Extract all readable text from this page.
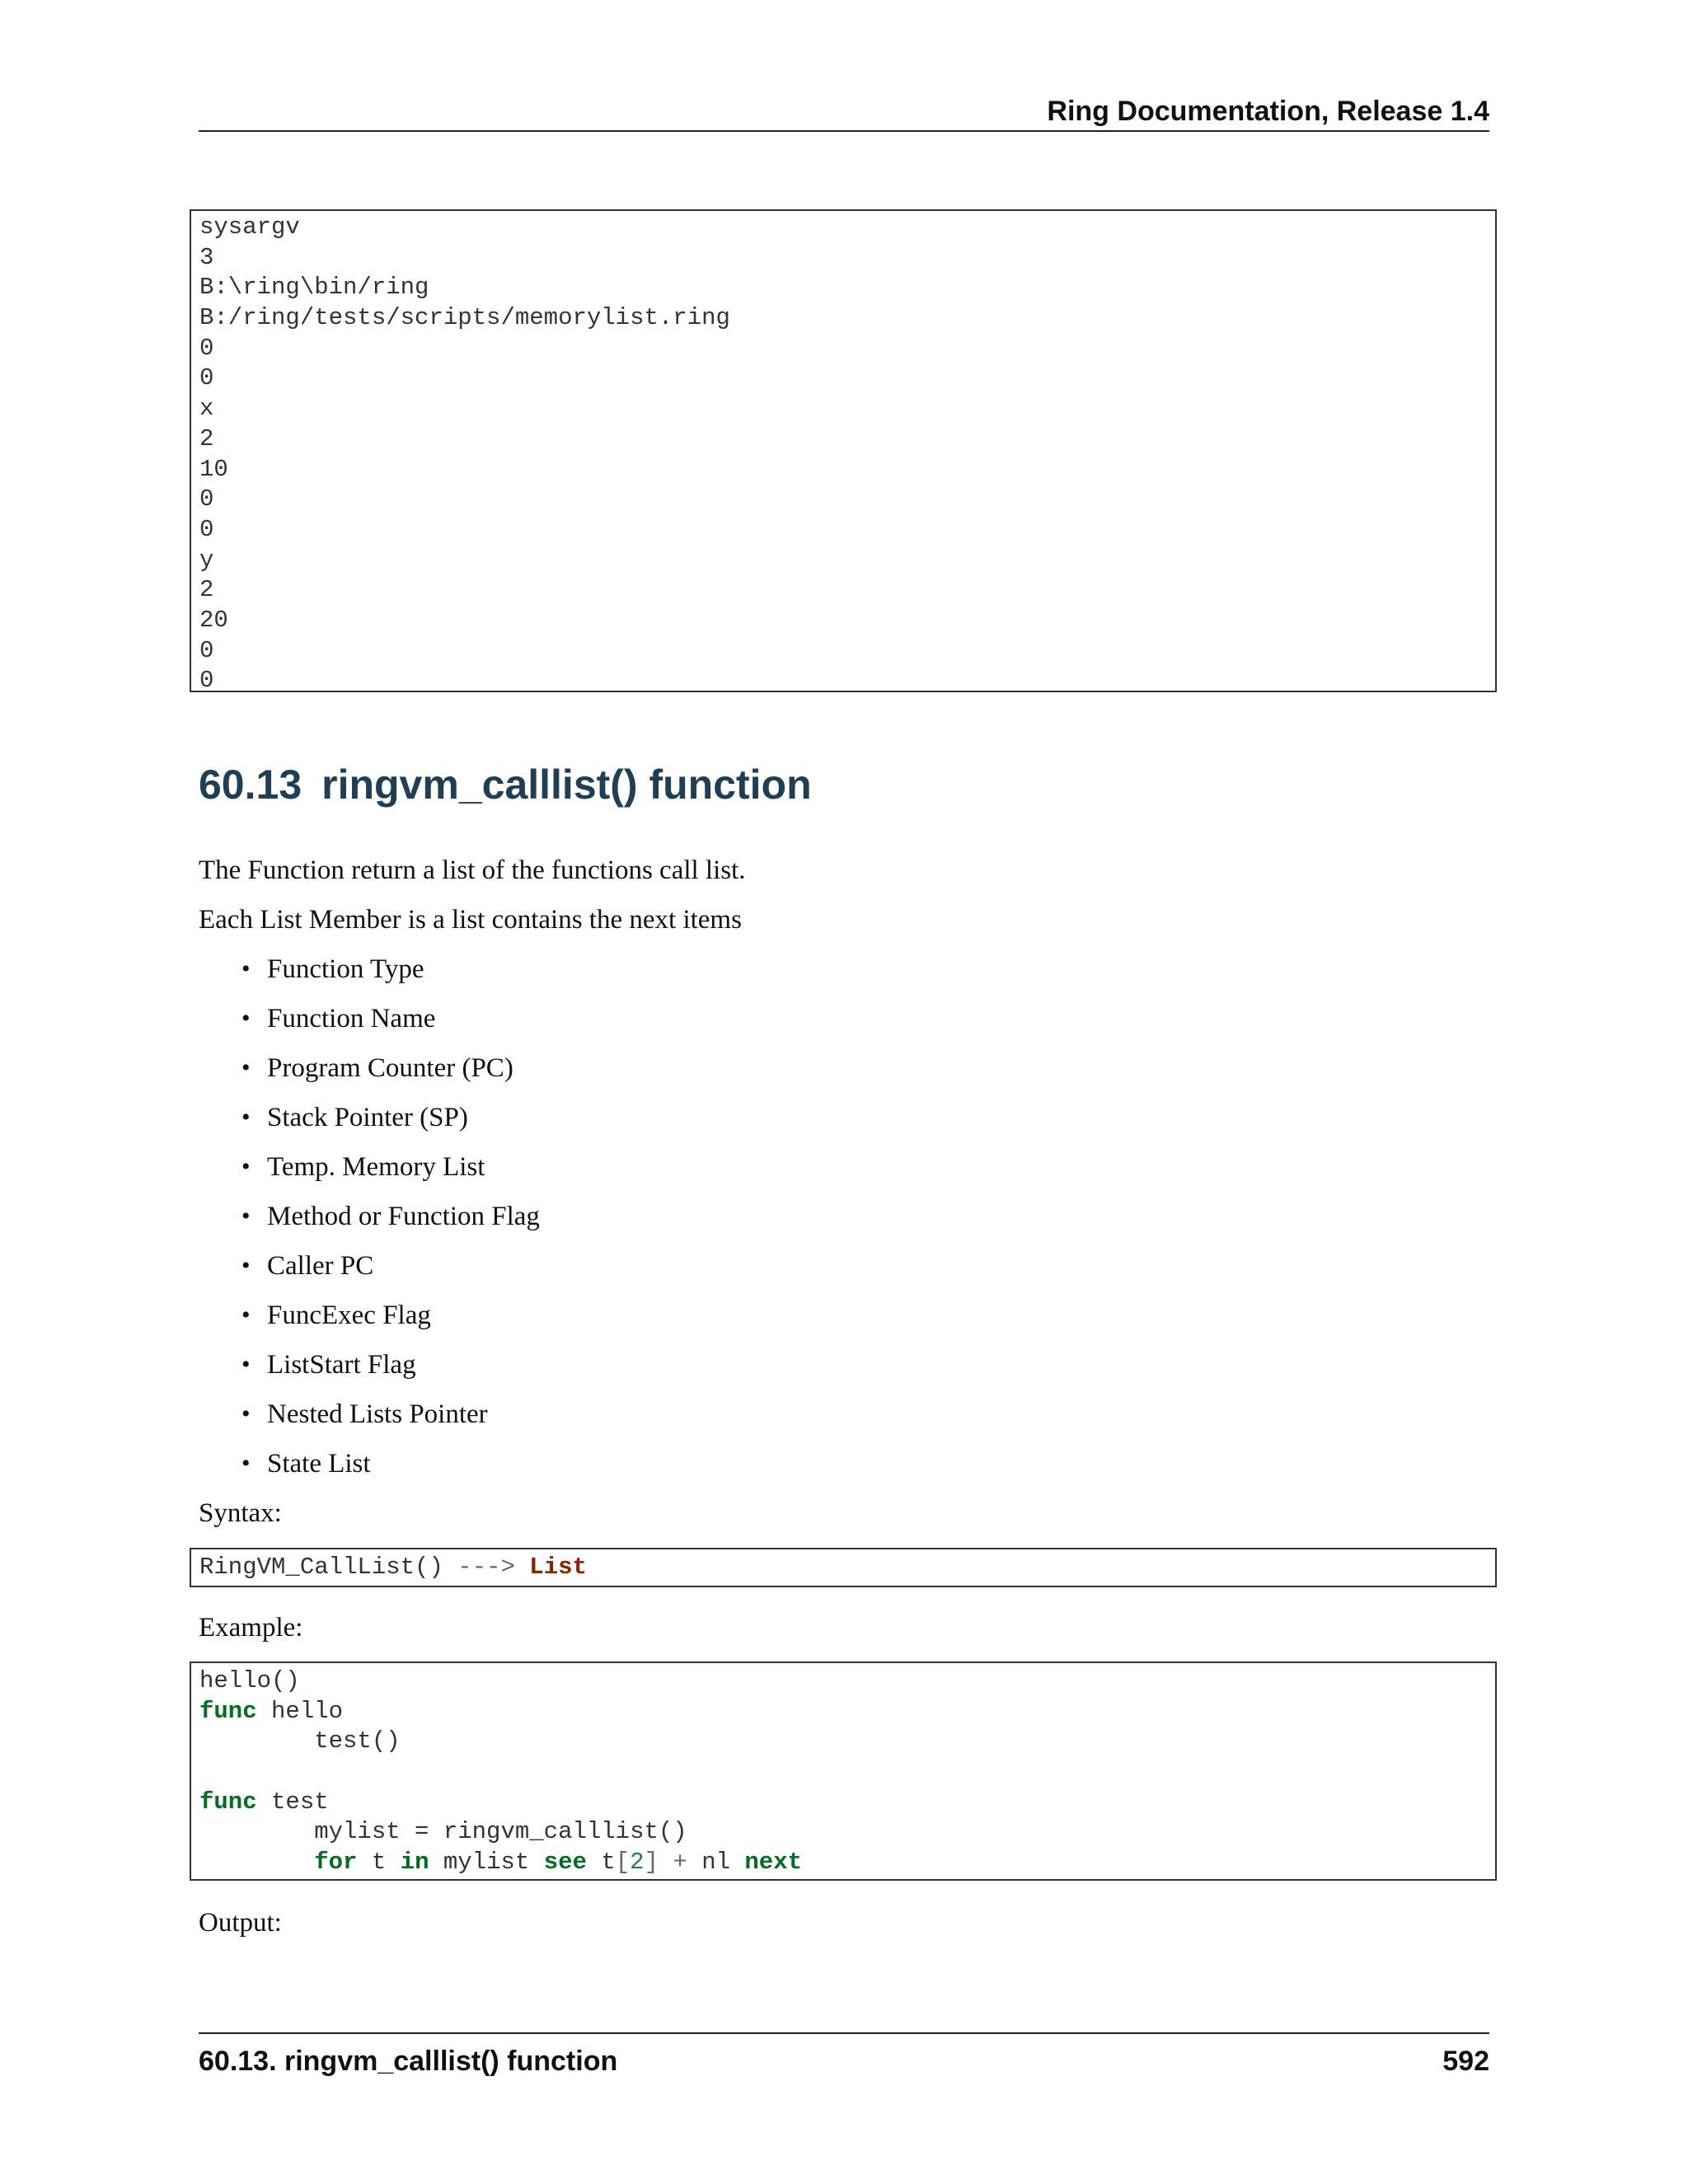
Ring Documentation, Release 1.4
sysargv
3
B:\ring\bin/ring
B:/ring/tests/scripts/memorylist.ring
0
0
x
2
10
0
0
y
2
20
0
0
60.13 ringvm_calllist() function

The Function return a list of the functions call list.

Each List Member is a list contains the next items

• Function Type
• Function Name
• Program Counter (PC)
• Stack Pointer (SP)
• Temp. Memory List
• Method or Function Flag
• Caller PC
• FuncExec Flag
• ListStart Flag
• Nested Lists Pointer
• State List

Syntax:

RingVM_CallList() ---> List

Example:

hello()
func hello
test()
func test
mylist = ringvm_calllist()
for t in mylist see t[2] + nl next

Output:

60.13. ringvm_calllist() function	592
